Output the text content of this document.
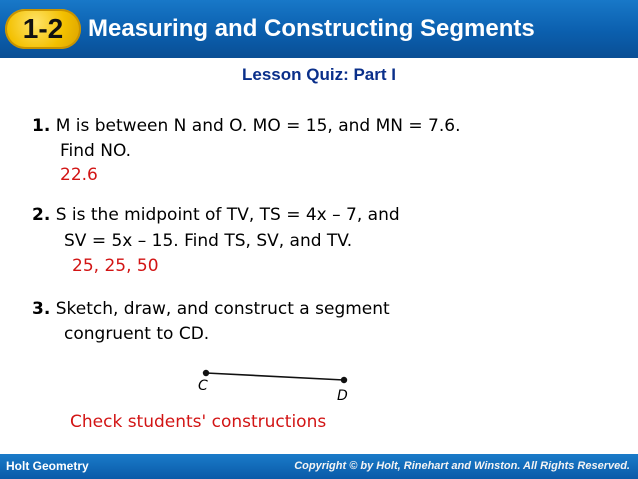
1-2	Measuring and Constructing Segments
Lesson Quiz: Part I
1. M is between N and O. MO = 15, and MN = 7.6.
Find NO.
22.6
2. S is the midpoint of TV, TS = 4x – 7, and
SV = 5x – 15. Find TS, SV, and TV.
25, 25, 50
3. Sketch, draw, and construct a segment
congruent to CD.
C
D
Check students' constructions
Holt Geometry	Copyright © by Holt, Rinehart and Winston. All Rights Reserved.
